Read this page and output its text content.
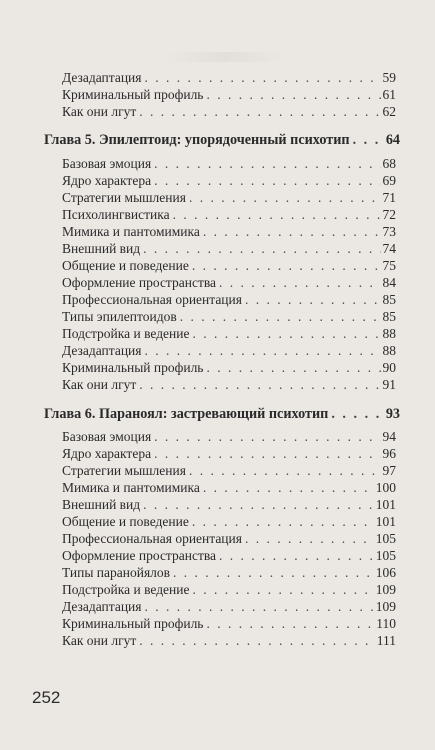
Дезадаптация . . .	59
Криминальный профиль . . .	61
Как они лгут . . .	62
Глава 5. Эпилептоид: упорядоченный психотип . . .	64
Базовая эмоция . . .	68
Ядро характера . . .	69
Стратегии мышления . . .	71
Психолингвистика . . .	72
Мимика и пантомимика . . .	73
Внешний вид . . .	74
Общение и поведение . . .	75
Оформление пространства . . .	84
Профессиональная ориентация . . .	85
Типы эпилептоидов . . .	85
Подстройка и ведение . . .	88
Дезадаптация . . .	88
Криминальный профиль . . .	90
Как они лгут . . .	91
Глава 6. Параноял: застревающий психотип . . .	93
Базовая эмоция . . .	94
Ядро характера . . .	96
Стратегии мышления . . .	97
Мимика и пантомимика . . .	100
Внешний вид . . .	101
Общение и поведение . . .	101
Профессиональная ориентация . . .	105
Оформление пространства . . .	105
Типы паранойялов . . .	106
Подстройка и ведение . . .	109
Дезадаптация . . .	109
Криминальный профиль . . .	110
Как они лгут . . .	111
252
